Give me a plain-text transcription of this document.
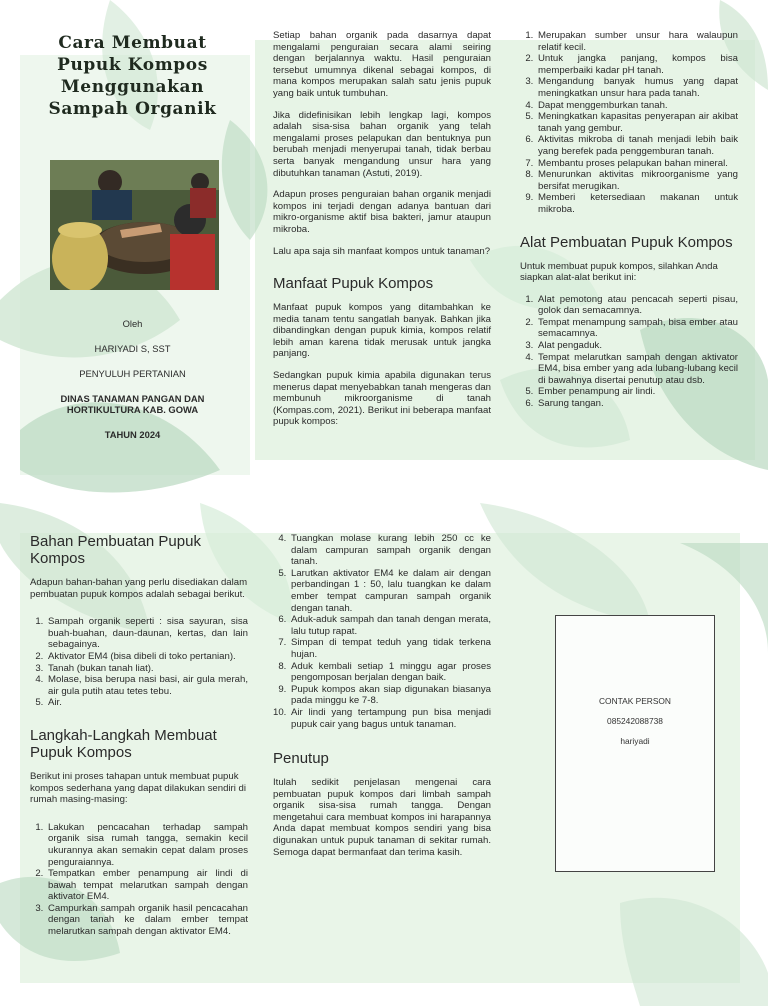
Cara Membuat Pupuk Kompos Menggunakan Sampah Organik
Oleh
HARIYADI S, SST
PENYULUH PERTANIAN
DINAS TANAMAN PANGAN DAN HORTIKULTURA KAB. GOWA
TAHUN 2024

Setiap bahan organik pada dasarnya dapat mengalami penguraian secara alami seiring dengan berjalannya waktu. Hasil penguraian tersebut umumnya dikenal sebagai kompos, di mana kompos merupakan salah satu jenis pupuk yang baik untuk tumbuhan.

Jika didefinisikan lebih lengkap lagi, kompos adalah sisa-sisa bahan organik yang telah mengalami proses pelapukan dan bentuknya pun berubah menjadi menyerupai tanah, tidak berbau serta banyak mengandung unsur hara yang dibutuhkan tanaman (Astuti, 2019).

Adapun proses penguraian bahan organik menjadi kompos ini terjadi dengan adanya bantuan dari mikro-organisme aktif bisa bakteri, jamur ataupun mikroba.

Lalu apa saja sih manfaat kompos untuk tanaman?

Manfaat Pupuk Kompos

Manfaat pupuk kompos yang ditambahkan ke media tanam tentu sangatlah banyak. Bahkan jika dibandingkan dengan pupuk kimia, kompos relatif lebih aman karena tidak merusak untuk jangka panjang.

Sedangkan pupuk kimia apabila digunakan terus menerus dapat menyebabkan tanah mengeras dan membunuh mikroorganisme di tanah (Kompas.com, 2021). Berikut ini beberapa manfaat pupuk kompos:

1. Merupakan sumber unsur hara walaupun relatif kecil.
2. Untuk jangka panjang, kompos bisa memperbaiki kadar pH tanah.
3. Mengandung banyak humus yang dapat meningkatkan unsur hara pada tanah.
4. Dapat menggemburkan tanah.
5. Meningkatkan kapasitas penyerapan air akibat tanah yang gembur.
6. Aktivitas mikroba di tanah menjadi lebih baik yang berefek pada penggemburan tanah.
7. Membantu proses pelapukan bahan mineral.
8. Menurunkan aktivitas mikroorganisme yang bersifat merugikan.
9. Memberi ketersediaan makanan untuk mikroba.
Alat Pembuatan Pupuk Kompos

Untuk membuat pupuk kompos, silahkan Anda siapkan alat-alat berikut ini:

1. Alat pemotong atau pencacah seperti pisau, golok dan semacamnya.
2. Tempat menampung sampah, bisa ember atau semacamnya.
3. Alat pengaduk.
4. Tempat melarutkan sampah dengan aktivator EM4, bisa ember yang ada lubang-lubang kecil di bawahnya disertai penutup atau dsb.
5. Ember penampung air lindi.
6. Sarung tangan.
Bahan Pembuatan Pupuk Kompos

Adapun bahan-bahan yang perlu disediakan dalam pembuatan pupuk kompos adalah sebagai berikut.

1. Sampah organik seperti : sisa sayuran, sisa buah-buahan, daun-daunan, kertas, dan lain sebagainya.
2. Aktivator EM4 (bisa dibeli di toko pertanian).
3. Tanah (bukan tanah liat).
4. Molase, bisa berupa nasi basi, air gula merah, air gula putih atau tetes tebu.
5. Air.
Langkah-Langkah Membuat Pupuk Kompos

Berikut ini proses tahapan untuk membuat pupuk kompos sederhana yang dapat dilakukan sendiri di rumah masing-masing:

1. Lakukan pencacahan terhadap sampah organik sisa rumah tangga, semakin kecil ukurannya akan semakin cepat dalam proses penguraiannya.
2. Tempatkan ember penampung air lindi di bawah tempat melarutkan sampah dengan aktivator EM4.
3. Campurkan sampah organik hasil pencacahan dengan tanah ke dalam ember tempat melarutkan sampah dengan aktivator EM4.
4. Tuangkan molase kurang lebih 250 cc ke dalam campuran sampah organik dengan tanah.
5. Larutkan aktivator EM4 ke dalam air dengan perbandingan 1 : 50, lalu tuangkan ke dalam ember tempat campuran sampah organik dengan tanah.
6. Aduk-aduk sampah dan tanah dengan merata, lalu tutup rapat.
7. Simpan di tempat teduh yang tidak terkena hujan.
8. Aduk kembali setiap 1 minggu agar proses pengomposan berjalan dengan baik.
9. Pupuk kompos akan siap digunakan biasanya pada minggu ke 7-8.
10. Air lindi yang tertampung pun bisa menjadi pupuk cair yang bagus untuk tanaman.
Penutup

Itulah sedikit penjelasan mengenai cara pembuatan pupuk kompos dari limbah sampah organik sisa-sisa rumah tangga. Dengan mengetahui cara membuat kompos ini harapannya Anda dapat membuat kompos sendiri yang bisa digunakan untuk pupuk tanaman di sekitar rumah. Semoga dapat bermanfaat dan terima kasih.

CONTAK PERSON
085242088738
hariyadi
